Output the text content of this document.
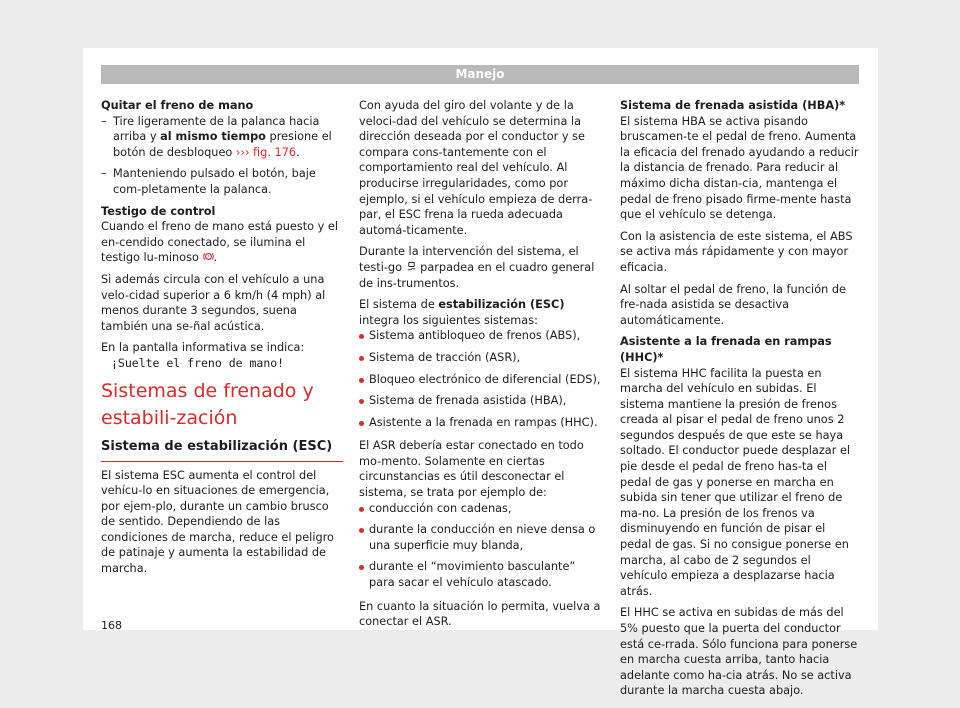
Manejo

Quitar el freno de mano

– Tire ligeramente de la palanca hacia arriba y al mismo tiempo presione el botón de desbloqueo ››› fig. 176.

– Manteniendo pulsado el botón, baje com-pletamente la palanca.

Testigo de control

Cuando el freno de mano está puesto y el en-cendido conectado, se ilumina el testigo lu-minoso ! .

Si además circula con el vehículo a una velo-cidad superior a 6 km/h (4 mph) al menos durante 3 segundos, suena también una se-ñal acústica.

En la pantalla informativa se indica:

¡Suelte el freno de mano!

Sistemas de frenado y estabili-zación

Sistema de estabilización (ESC)

El sistema ESC aumenta el control del vehícu-lo en situaciones de emergencia, por ejem-plo, durante un cambio brusco de sentido. Dependiendo de las condiciones de marcha, reduce el peligro de patinaje y aumenta la estabilidad de marcha.

Con ayuda del giro del volante y de la veloci-dad del vehículo se determina la dirección deseada por el conductor y se compara cons-tantemente con el comportamiento real del vehículo. Al producirse irregularidades, como por ejemplo, si el vehículo empieza de derra-par, el ESC frena la rueda adecuada automá-ticamente.

Durante la intervención del sistema, el testi-go  parpadea en el cuadro general de ins-trumentos.

El sistema de estabilización (ESC) integra los siguientes sistemas:

Sistema antibloqueo de frenos (ABS),

Sistema de tracción (ASR),

Bloqueo electrónico de diferencial (EDS),

Sistema de frenada asistida (HBA),

Asistente a la frenada en rampas (HHC).

El ASR debería estar conectado en todo mo-mento. Solamente en ciertas circunstancias es útil desconectar el sistema, se trata por ejemplo de:

conducción con cadenas,

durante la conducción en nieve densa o una superficie muy blanda,

durante el “movimiento basculante” para sacar el vehículo atascado.

En cuanto la situación lo permita, vuelva a conectar el ASR.

Sistema de frenada asistida (HBA)*

El sistema HBA se activa pisando bruscamen-te el pedal de freno. Aumenta la eficacia del frenado ayudando a reducir la distancia de frenado. Para reducir al máximo dicha distan-cia, mantenga el pedal de freno pisado firme-mente hasta que el vehículo se detenga.

Con la asistencia de este sistema, el ABS se activa más rápidamente y con mayor eficacia.

Al soltar el pedal de freno, la función de fre-nada asistida se desactiva automáticamente.

Asistente a la frenada en rampas (HHC)*

El sistema HHC facilita la puesta en marcha del vehículo en subidas. El sistema mantiene la presión de frenos creada al pisar el pedal de freno unos 2 segundos después de que este se haya soltado. El conductor puede desplazar el pie desde el pedal de freno has-ta el pedal de gas y ponerse en marcha en subida sin tener que utilizar el freno de ma-no. La presión de los frenos va disminuyendo en función de pisar el pedal de gas. Si no consigue ponerse en marcha, al cabo de 2 segundos el vehículo empieza a desplazarse hacia atrás.

El HHC se activa en subidas de más del 5% puesto que la puerta del conductor está ce-rrada. Sólo funciona para ponerse en marcha cuesta arriba, tanto hacia adelante como ha-cia atrás. No se activa durante la marcha cuesta abajo.

168
